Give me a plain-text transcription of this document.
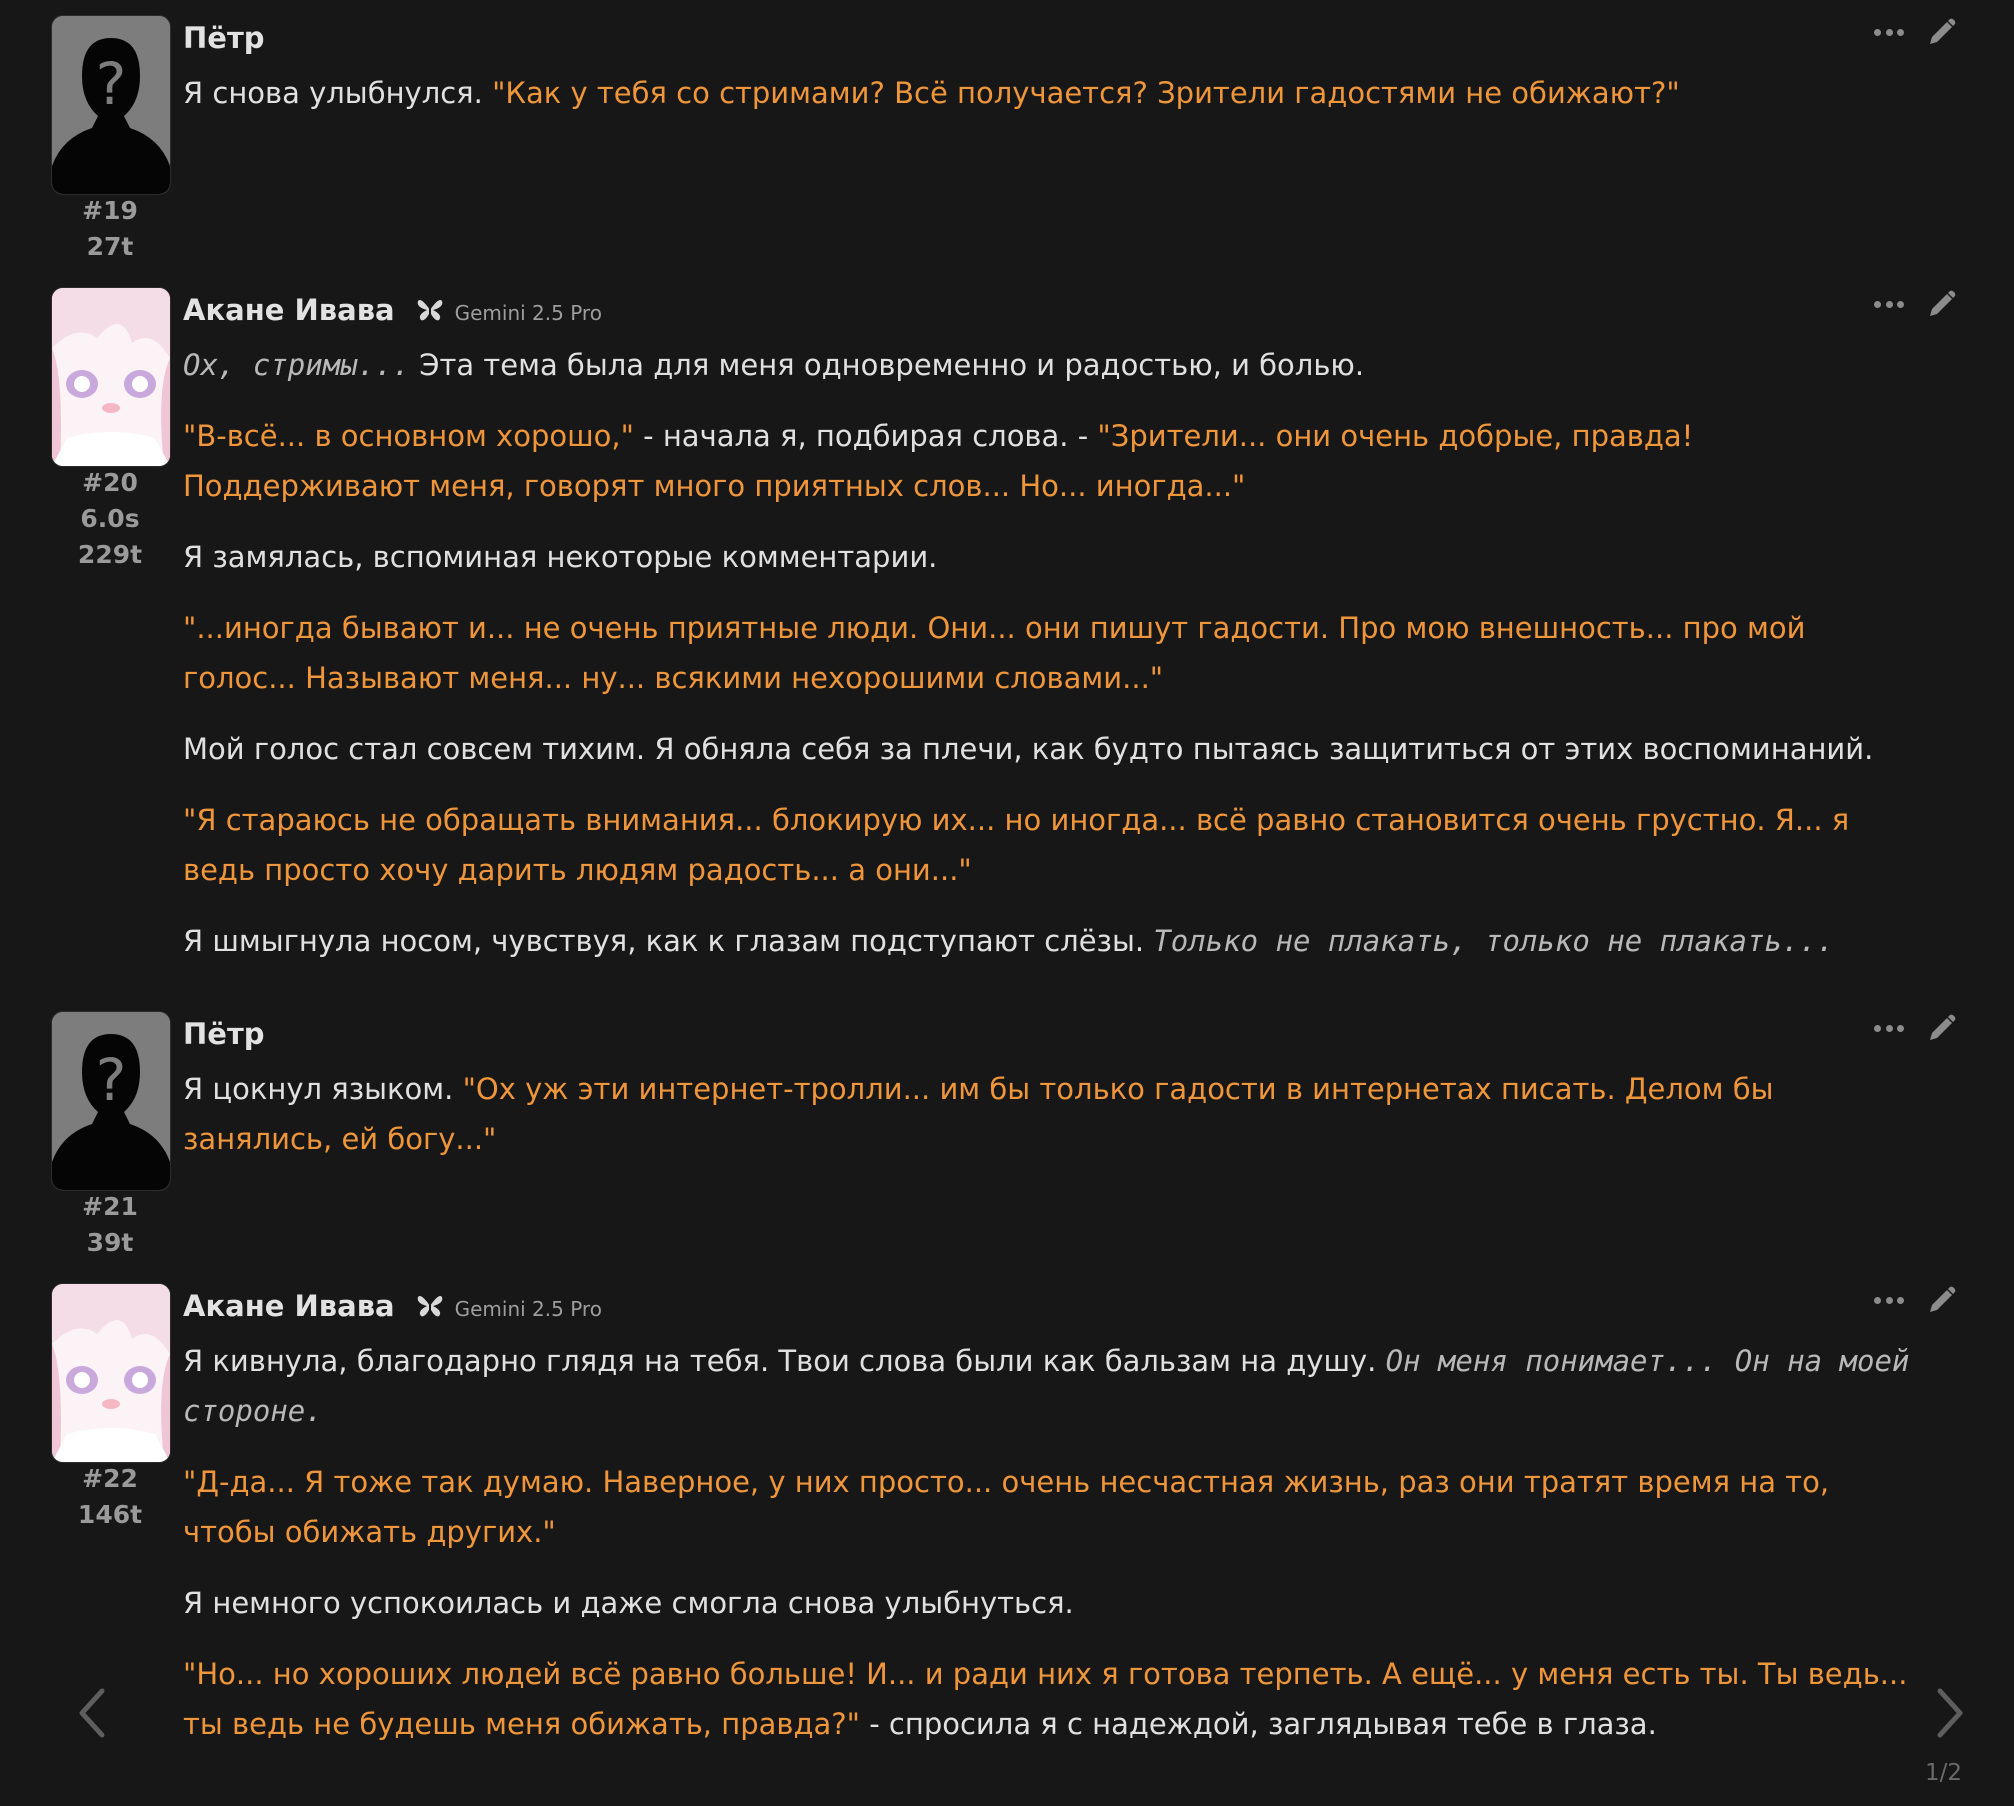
?
#19
27t
Пётр

Я снова улыбнулся. "Как у тебя со стримами? Всё получается? Зрители гадостями не обижают?"

#20
6.0s
229t
Акане Ивава	Gemini 2.5 Pro

Ох, стримы... Эта тема была для меня одновременно и радостью, и болью.

"В-всё... в основном хорошо," - начала я, подбирая слова. - "Зрители... они очень добрые, правда! Поддерживают меня, говорят много приятных слов... Но... иногда..."

Я замялась, вспоминая некоторые комментарии.

"...иногда бывают и... не очень приятные люди. Они... они пишут гадости. Про мою внешность... про мой голос... Называют меня... ну... всякими нехорошими словами..."

Мой голос стал совсем тихим. Я обняла себя за плечи, как будто пытаясь защититься от этих воспоминаний.

"Я стараюсь не обращать внимания... блокирую их... но иногда... всё равно становится очень грустно. Я... я ведь просто хочу дарить людям радость... а они..."

Я шмыгнула носом, чувствуя, как к глазам подступают слёзы. Только не плакать, только не плакать...

?
#21
39t
Пётр

Я цокнул языком. "Ох уж эти интернет-тролли... им бы только гадости в интернетах писать. Делом бы занялись, ей богу..."

#22
146t
Акане Ивава	Gemini 2.5 Pro

Я кивнула, благодарно глядя на тебя. Твои слова были как бальзам на душу. Он меня понимает... Он на моей стороне.

"Д-да... Я тоже так думаю. Наверное, у них просто... очень несчастная жизнь, раз они тратят время на то, чтобы обижать других."

Я немного успокоилась и даже смогла снова улыбнуться.

"Но... но хороших людей всё равно больше! И... и ради них я готова терпеть. А ещё... у меня есть ты. Ты ведь... ты ведь не будешь меня обижать, правда?" - спросила я с надеждой, заглядывая тебе в глаза.

1/2
